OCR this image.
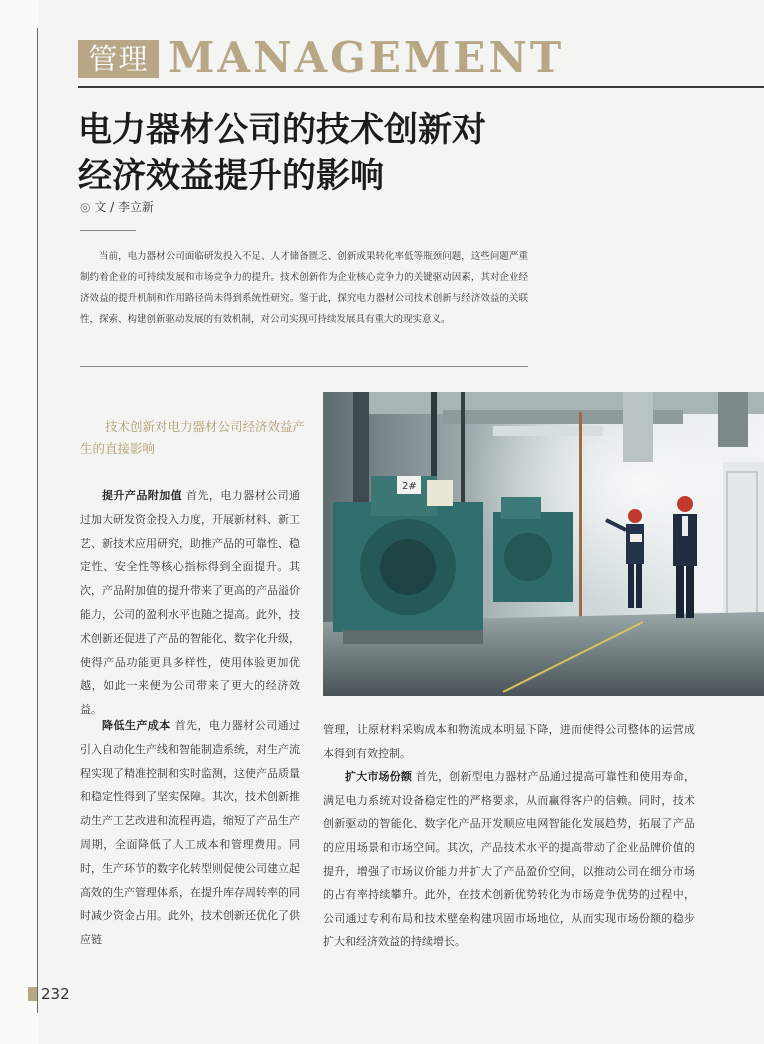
管理 MANAGEMENT
电力器材公司的技术创新对
经济效益提升的影响
◎ 文 / 李立新
当前，电力器材公司面临研发投入不足、人才储备匮乏、创新成果转化率低等瓶颈问题，这些问题严重制约着企业的可持续发展和市场竞争力的提升。技术创新作为企业核心竞争力的关键驱动因素，其对企业经济效益的提升机制和作用路径尚未得到系统性研究。鉴于此，探究电力器材公司技术创新与经济效益的关联性，探索、构建创新驱动发展的有效机制，对公司实现可持续发展具有重大的现实意义。
技术创新对电力器材公司经济效益产生的直接影响

提升产品附加值 首先，电力器材公司通过加大研发资金投入力度，开展新材料、新工艺、新技术应用研究，助推产品的可靠性、稳定性、安全性等核心指标得到全面提升。其次，产品附加值的提升带来了更高的产品溢价能力，公司的盈利水平也随之提高。此外，技术创新还促进了产品的智能化、数字化升级，使得产品功能更具多样性，使用体验更加优越，如此一来便为公司带来了更大的经济效益。

降低生产成本 首先，电力器材公司通过引入自动化生产线和智能制造系统，对生产流程实现了精准控制和实时监测，这使产品质量和稳定性得到了坚实保障。其次，技术创新推动生产工艺改进和流程再造，缩短了产品生产周期，全面降低了人工成本和管理费用。同时，生产环节的数字化转型则促使公司建立起高效的生产管理体系，在提升库存周转率的同时减少资金占用。此外，技术创新还优化了供应链

2#

管理，让原材料采购成本和物流成本明显下降，进而使得公司整体的运营成本得到有效控制。

扩大市场份额 首先，创新型电力器材产品通过提高可靠性和使用寿命，满足电力系统对设备稳定性的严格要求，从而赢得客户的信赖。同时，技术创新驱动的智能化、数字化产品开发顺应电网智能化发展趋势，拓展了产品的应用场景和市场空间。其次，产品技术水平的提高带动了企业品牌价值的提升，增强了市场议价能力并扩大了产品盈价空间，以推动公司在细分市场的占有率持续攀升。此外，在技术创新优势转化为市场竞争优势的过程中，公司通过专利布局和技术壁垒构建巩固市场地位，从而实现市场份额的稳步扩大和经济效益的持续增长。

232
